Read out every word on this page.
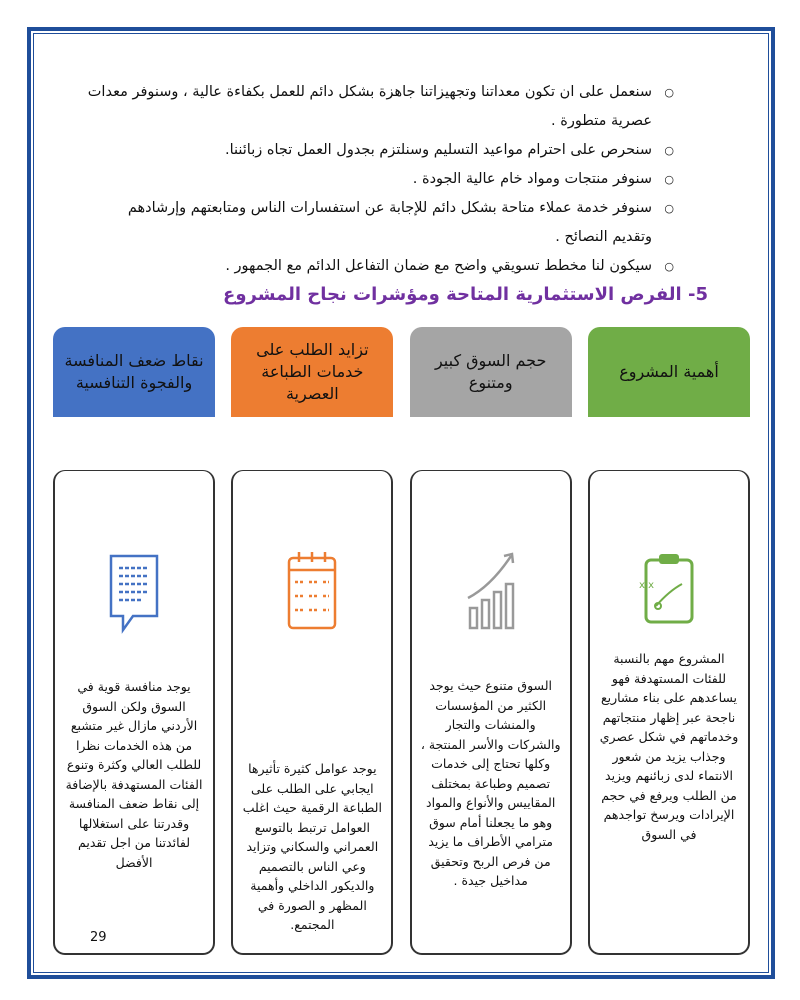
○ سنعمل على ان تكون معداتنا وتجهيزاتنا جاهزة بشكل دائم للعمل بكفاءة عالية ، وسنوفر معدات عصرية متطورة .
○ سنحرص على احترام مواعيد التسليم وسنلتزم بجدول العمل تجاه زبائننا.
○ سنوفر منتجات ومواد خام عالية الجودة .
○ سنوفر خدمة عملاء متاحة بشكل دائم للإجابة عن استفسارات الناس ومتابعتهم وإرشادهم وتقديم النصائح .
○ سيكون لنا مخطط تسويقي واضح مع ضمان التفاعل الدائم مع الجمهور .
5- الفرص الاستثمارية المتاحة ومؤشرات نجاح المشروع
أهمية المشروع
حجم السوق كبير ومتنوع
تزايد الطلب على خدمات الطباعة العصرية
نقاط ضعف المنافسة والفجوة التنافسية
x x
المشروع مهم بالنسبة للفئات المستهدفة فهو يساعدهم على بناء مشاريع ناجحة عبر إظهار منتجاتهم وخدماتهم في شكل عصري وجذاب يزيد من شعور الانتماء لدى زبائنهم ويزيد من الطلب ويرفع في حجم الإيرادات ويرسخ تواجدهم في السوق
السوق متنوع حيث يوجد الكثير من المؤسسات والمنشات والتجار والشركات والأسر المنتجة ، وكلها تحتاج إلى خدمات تصميم وطباعة بمختلف المقاييس والأنواع والمواد وهو ما يجعلنا أمام سوق مترامي الأطراف ما يزيد من فرص الربح وتحقيق مداخيل جيدة .
يوجد عوامل كثيرة تأثيرها ايجابي على الطلب على الطباعة الرقمية حيث اغلب العوامل ترتبط بالتوسع العمراني والسكاني وتزايد وعي الناس بالتصميم والديكور الداخلي وأهمية المظهر و الصورة في المجتمع.
يوجد منافسة قوية في السوق ولكن السوق الأردني مازال غير متشبع من هذه الخدمات نظرا للطلب العالي وكثرة وتنوع الفئات المستهدفة بالإضافة إلى نقاط ضعف المنافسة وقدرتنا على استغلالها لفائدتنا من اجل تقديم الأفضل
29
